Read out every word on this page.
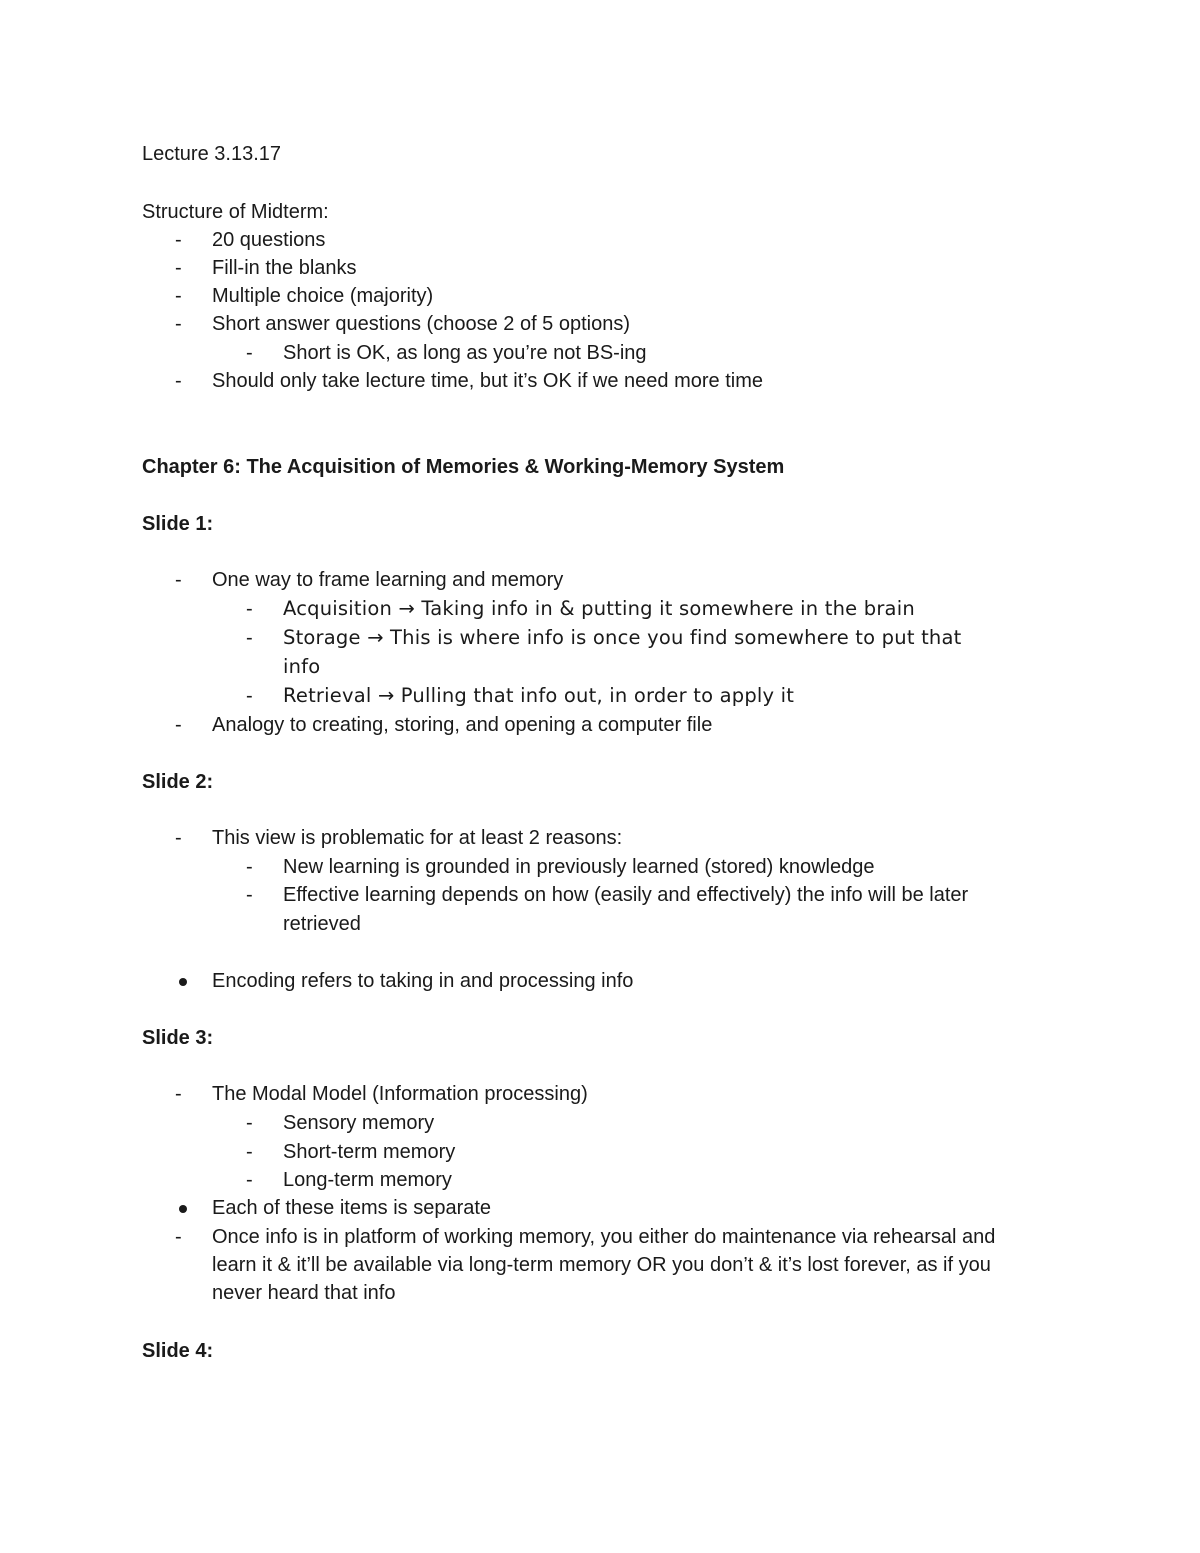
Lecture 3.13.17
Structure of Midterm:
- 20 questions
- Fill-in the blanks
- Multiple choice (majority)
- Short answer questions (choose 2 of 5 options)
- Short is OK, as long as you’re not BS-ing
- Should only take lecture time, but it’s OK if we need more time
Chapter 6: The Acquisition of Memories & Working-Memory System
Slide 1:
- One way to frame learning and memory
- Acquisition → Taking info in & putting it somewhere in the brain
- Storage → This is where info is once you find somewhere to put that
info
- Retrieval → Pulling that info out, in order to apply it
- Analogy to creating, storing, and opening a computer file
Slide 2:
- This view is problematic for at least 2 reasons:
- New learning is grounded in previously learned (stored) knowledge
- Effective learning depends on how (easily and effectively) the info will be later
retrieved
Encoding refers to taking in and processing info
Slide 3:
- The Modal Model (Information processing)
- Sensory memory
- Short-term memory
- Long-term memory
Each of these items is separate
- Once info is in platform of working memory, you either do maintenance via rehearsal and
learn it & it’ll be available via long-term memory OR you don’t & it’s lost forever, as if you
never heard that info
Slide 4:
